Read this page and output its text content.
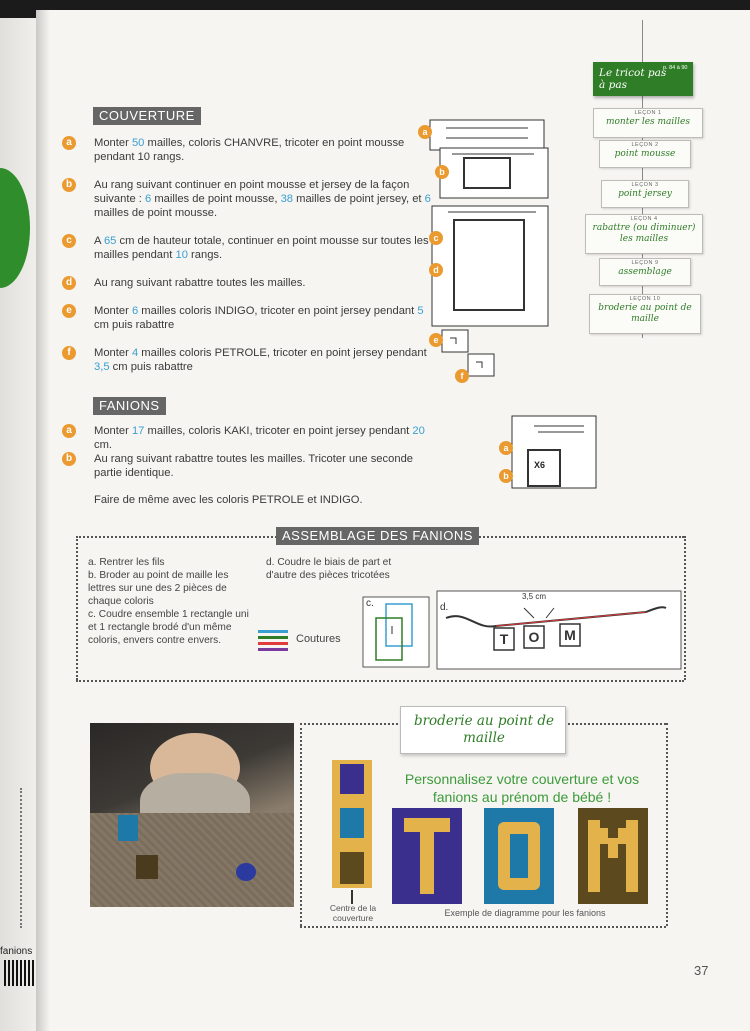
fanions
Le tricot pas à pas
p. 84 à 90
LEÇON 1
monter les mailles
LEÇON 2
point mousse
LEÇON 3
point jersey
LEÇON 4
rabattre (ou diminuer) les mailles
LEÇON 9
assemblage
LEÇON 10
broderie au point de maille
COUVERTURE
a	Monter 50 mailles, coloris CHANVRE, tricoter en point mousse pendant 10 rangs.
b	Au rang suivant continuer en point mousse et jersey de la façon suivante : 6 mailles de point mousse, 38 mailles de point jersey, et 6 mailles de point mousse.
c	A 65 cm de hauteur totale, continuer en point mousse sur toutes les mailles pendant 10 rangs.
d	Au rang suivant rabattre toutes les mailles.
e	Monter 6 mailles coloris INDIGO, tricoter en point jersey pendant 5 cm puis rabattre
f	Monter 4 mailles coloris PETROLE, tricoter en point jersey pendant 3,5 cm puis rabattre
a
b
c
d
e
f
FANIONS
a	Monter 17 mailles, coloris KAKI, tricoter en point jersey pendant 20 cm.
b	Au rang suivant rabattre toutes les mailles. Tricoter une seconde partie identique.
Faire de même avec les coloris PETROLE et INDIGO.
a
b
X6
ASSEMBLAGE DES FANIONS
a. Rentrer les fils
b. Broder au point de maille les lettres sur une des 2 pièces de chaque coloris
c. Coudre ensemble 1 rectangle uni et 1 rectangle brodé d'un même coloris, envers contre envers.
d. Coudre le biais de part et d'autre des pièces tricotées
Coutures
c.	d.
3,5 cm
T	O	M
broderie au point de maille
Personnalisez votre couverture et vos fanions au prénom de bébé !
Centre de la couverture	Exemple de diagramme pour les fanions
37
